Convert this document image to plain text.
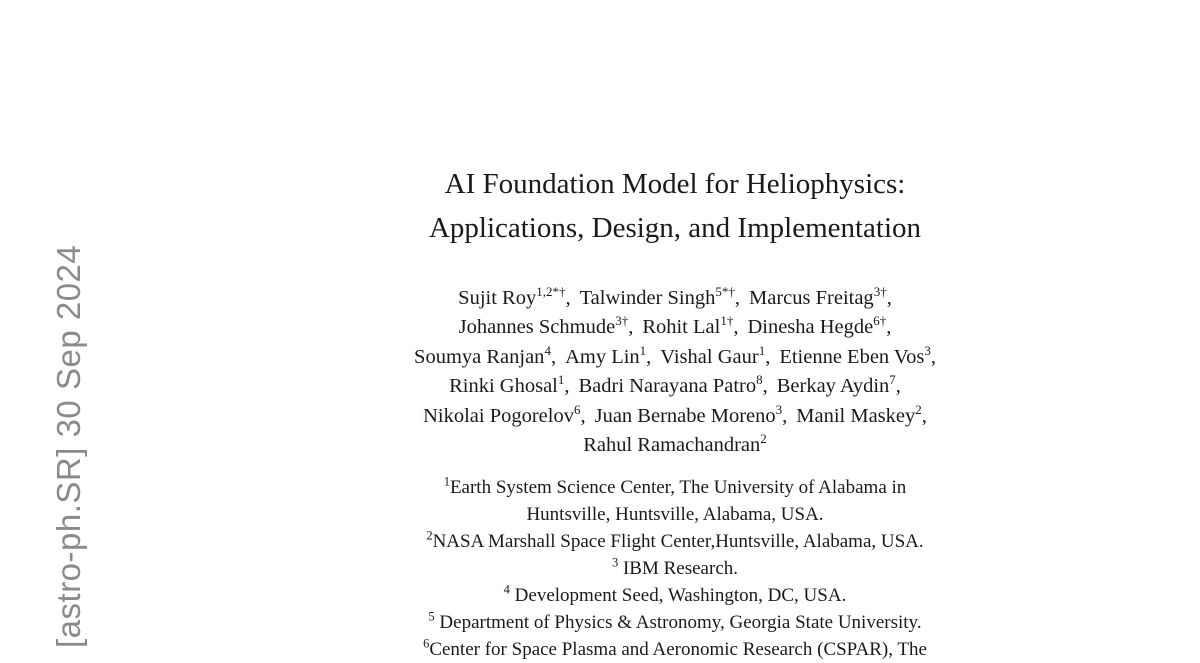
[astro-ph.SR] 30 Sep 2024
AI Foundation Model for Heliophysics:
Applications, Design, and Implementation
Sujit Roy$^{1,2*\dagger}$, Talwinder Singh$^{5*\dagger}$, Marcus Freitag$^{3\dagger}$,
Johannes Schmude$^{3\dagger}$, Rohit Lal$^{1\dagger}$, Dinesha Hegde$^{6\dagger}$,
Soumya Ranjan$^4$, Amy Lin$^1$, Vishal Gaur$^1$, Etienne Eben Vos$^3$,
Rinki Ghosal$^1$, Badri Narayana Patro$^8$, Berkay Aydin$^7$,
Nikolai Pogorelov$^6$, Juan Bernabe Moreno$^3$, Manil Maskey$^2$,
Rahul Ramachandran$^2$
$^1$Earth System Science Center, The University of Alabama in
Huntsville, Huntsville, Alabama, USA.
$^2$NASA Marshall Space Flight Center,Huntsville, Alabama, USA.
$^3$ IBM Research.
$^4$ Development Seed, Washington, DC, USA.
$^5$ Department of Physics & Astronomy, Georgia State University.
$^6$Center for Space Plasma and Aeronomic Research (CSPAR), The
